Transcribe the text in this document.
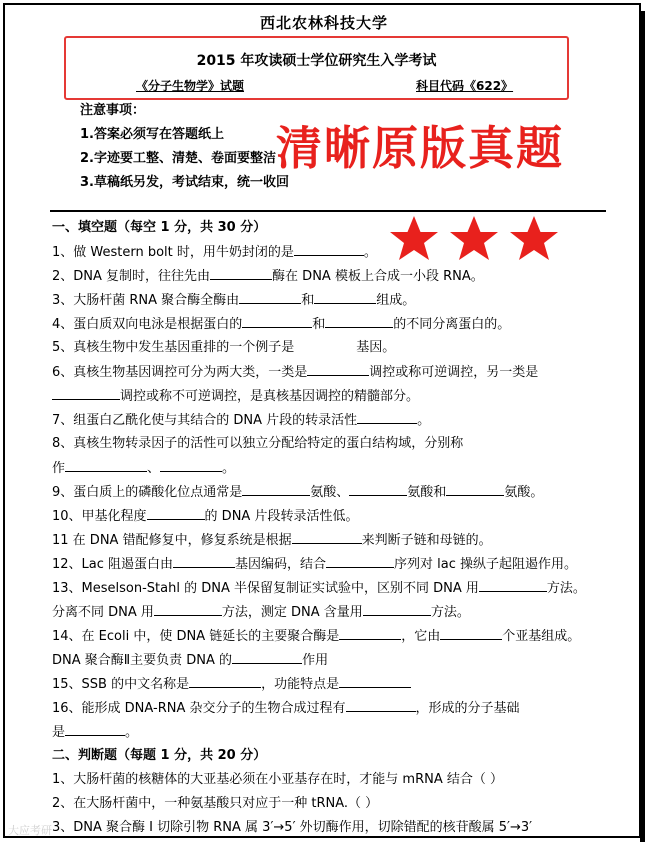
西北农林科技大学
2015 年攻读硕士学位研究生入学考试
《分子生物学》试题	科目代码《622》
注意事项：
1.答案必须写在答题纸上
2.字迹要工整、清楚、卷面要整洁
3.草稿纸另发，考试结束，统一收回
清晰原版真题
一、填空题（每空 1 分，共 30 分）
1、做 Western bolt 时，用牛奶封闭的是	。
2、DNA 复制时，往往先由	酶在 DNA 模板上合成一小段 RNA。
3、大肠杆菌 RNA 聚合酶全酶由	和	组成。
4、蛋白质双向电泳是根据蛋白的	和	的不同分离蛋白的。
5、真核生物中发生基因重排的一个例子是	基因。
6、真核生物基因调控可分为两大类，一类是	调控或称可逆调控，另一类是
调控或称不可逆调控，是真核基因调控的精髓部分。
7、组蛋白乙酰化使与其结合的 DNA 片段的转录活性	。
8、真核生物转录因子的活性可以独立分配给特定的蛋白结构域，分别称
作	、	。
9、蛋白质上的磷酸化位点通常是	氨酸、	氨酸和	氨酸。
10、甲基化程度	的 DNA 片段转录活性低。
11 在 DNA 错配修复中，修复系统是根据	来判断子链和母链的。
12、Lac 阻遏蛋白由	基因编码，结合	序列对 lac 操纵子起阻遏作用。
13、Meselson-Stahl 的 DNA 半保留复制证实试验中，区别不同 DNA 用	方法。
分离不同 DNA 用	方法，测定 DNA 含量用	方法。
14、在 Ecoli 中，使 DNA 链延长的主要聚合酶是	，它由	个亚基组成。
DNA 聚合酶Ⅱ主要负责 DNA 的	作用
15、SSB 的中文名称是	，功能特点是
16、能形成 DNA-RNA 杂交分子的生物合成过程有	，形成的分子基础
是	。
二、判断题（每题 1 分，共 20 分）
1、大肠杆菌的核糖体的大亚基必须在小亚基存在时，才能与 mRNA 结合（ ）
2、在大肠杆菌中，一种氨基酸只对应于一种 tRNA.（ ）
3、DNA 聚合酶 I 切除引物 RNA 属 3′→5′ 外切酶作用，切除错配的核苷酸属 5′→3′
大应考研
